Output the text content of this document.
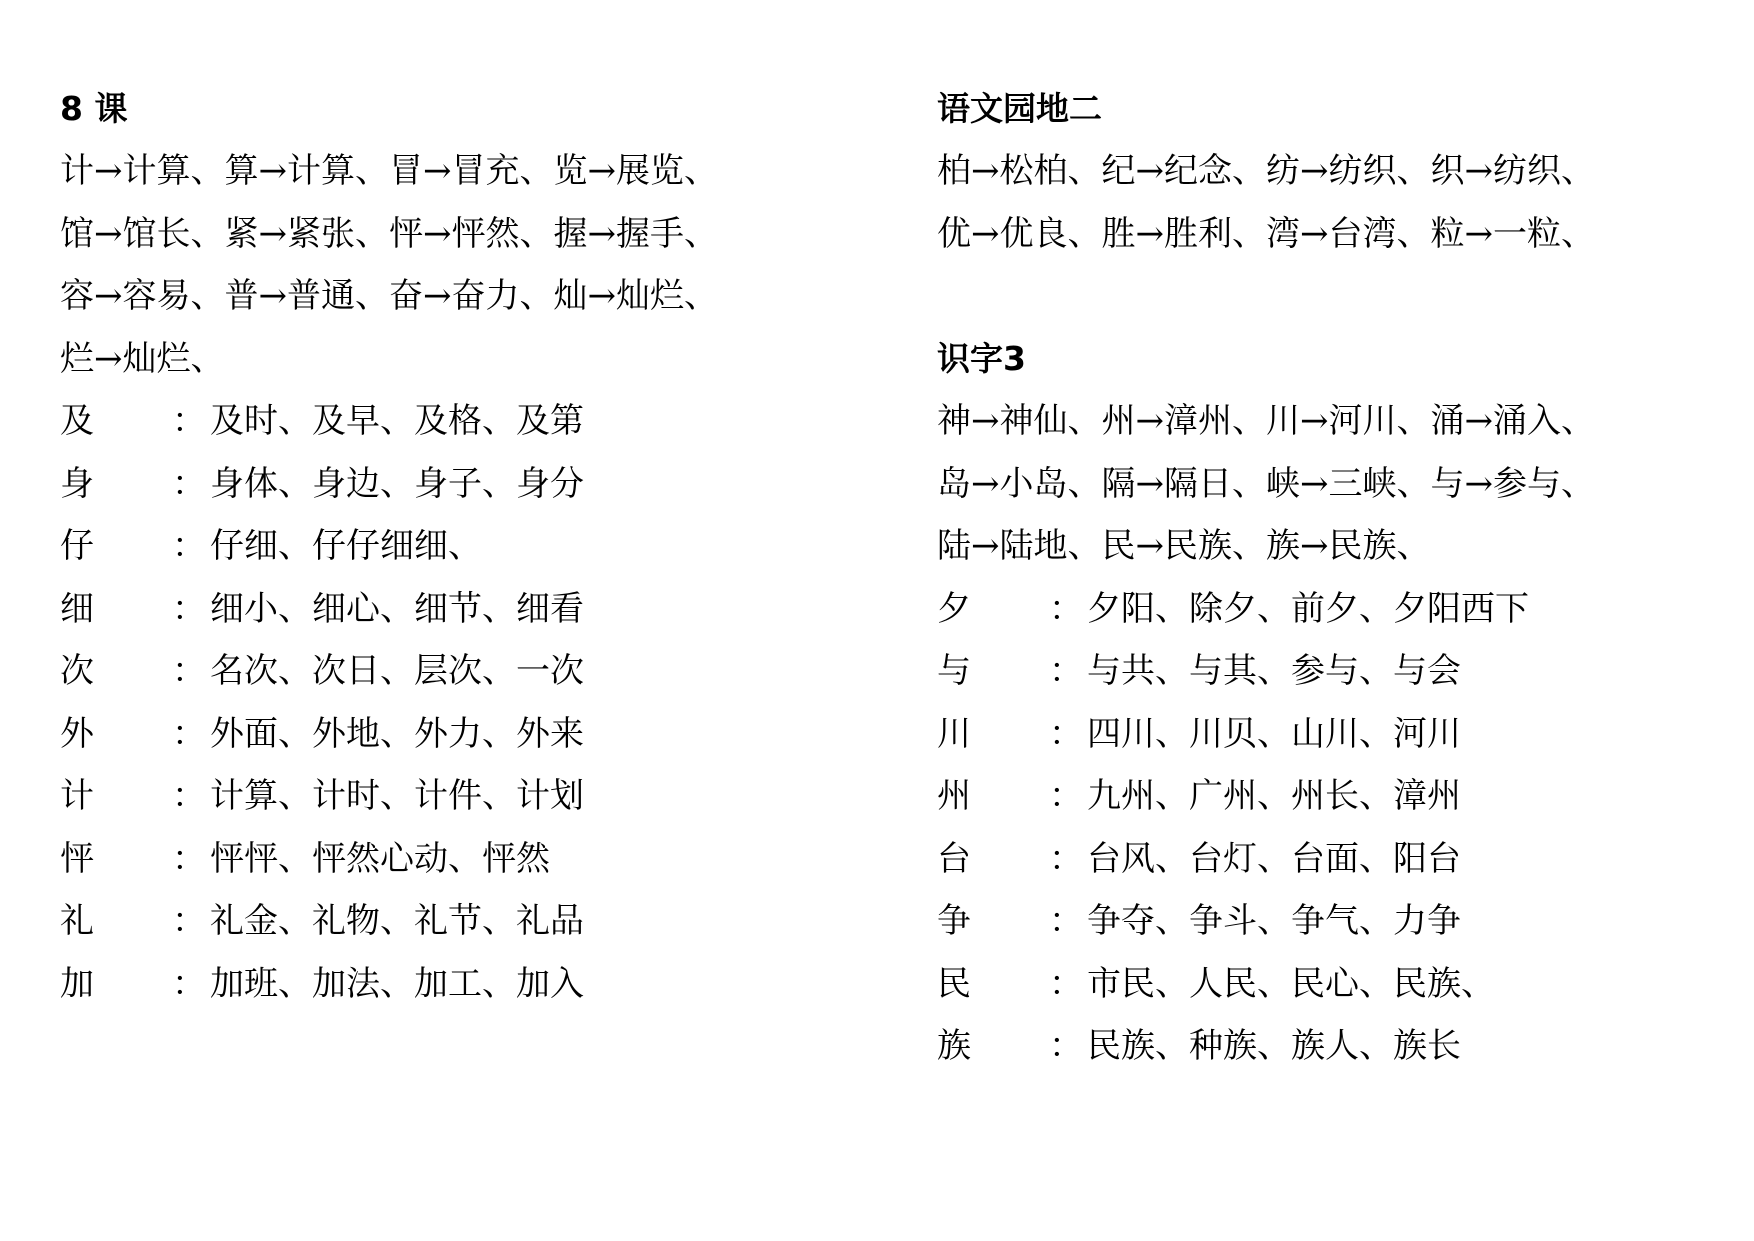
8 课
计→计算、算→计算、冒→冒充、览→展览、
馆→馆长、紧→紧张、怦→怦然、握→握手、
容→容易、普→普通、奋→奋力、灿→灿烂、
烂→灿烂、
及 ： 及时、及早、及格、及第
身 ： 身体、身边、身子、身分
仔 ： 仔细、仔仔细细、
细 ： 细小、细心、细节、细看
次 ： 名次、次日、层次、一次
外 ： 外面、外地、外力、外来
计 ： 计算、计时、计件、计划
怦 ： 怦怦、怦然心动、怦然
礼 ： 礼金、礼物、礼节、礼品
加 ： 加班、加法、加工、加入
语文园地二
柏→松柏、纪→纪念、纺→纺织、织→纺织、
优→优良、胜→胜利、湾→台湾、粒→一粒、
识字3
神→神仙、州→漳州、川→河川、涌→涌入、
岛→小岛、隔→隔日、峡→三峡、与→参与、
陆→陆地、民→民族、族→民族、
夕 ： 夕阳、除夕、前夕、夕阳西下
与 ： 与共、与其、参与、与会
川 ： 四川、川贝、山川、河川
州 ： 九州、广州、州长、漳州
台 ： 台风、台灯、台面、阳台
争 ： 争夺、争斗、争气、力争
民 ： 市民、人民、民心、民族、
族 ： 民族、种族、族人、族长
